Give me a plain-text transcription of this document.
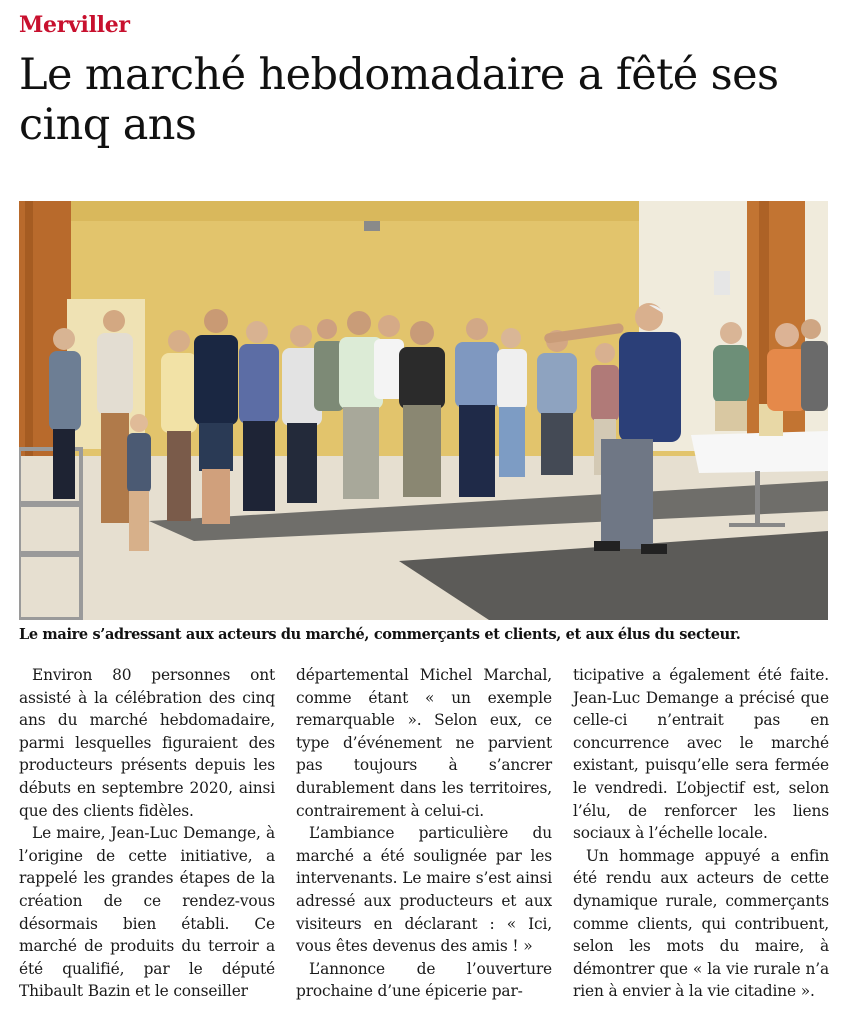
Merviller
Le marché hebdomadaire a fêté ses cinq ans

Le maire s’adressant aux acteurs du marché, commerçants et clients, et aux élus du secteur.

Environ 80 personnes ont assisté à la célébration des cinq ans du marché hebdomadaire, parmi lesquelles figuraient des producteurs présents depuis les débuts en septembre 2020, ainsi que des clients fidèles.

Le maire, Jean-Luc Demange, à l’origine de cette initiative, a rappelé les grandes étapes de la création de ce rendez-vous désormais bien établi. Ce marché de produits du terroir a été qualifié, par le député Thibault Bazin et le conseiller

départemental Michel Marchal, comme étant « un exemple remarquable ». Selon eux, ce type d’événement ne parvient pas toujours à s’ancrer durablement dans les territoires, contrairement à celui-ci.

L’ambiance particulière du marché a été soulignée par les intervenants. Le maire s’est ainsi adressé aux producteurs et aux visiteurs en déclarant : « Ici, vous êtes devenus des amis ! »

L’annonce de l’ouverture prochaine d’une épicerie par-

ticipative a également été faite. Jean-Luc Demange a précisé que celle-ci n’entrait pas en concurrence avec le marché existant, puisqu’elle sera fermée le vendredi. L’objectif est, selon l’élu, de renforcer les liens sociaux à l’échelle locale.

Un hommage appuyé a enfin été rendu aux acteurs de cette dynamique rurale, commerçants comme clients, qui contribuent, selon les mots du maire, à démontrer que « la vie rurale n’a rien à envier à la vie citadine ».
